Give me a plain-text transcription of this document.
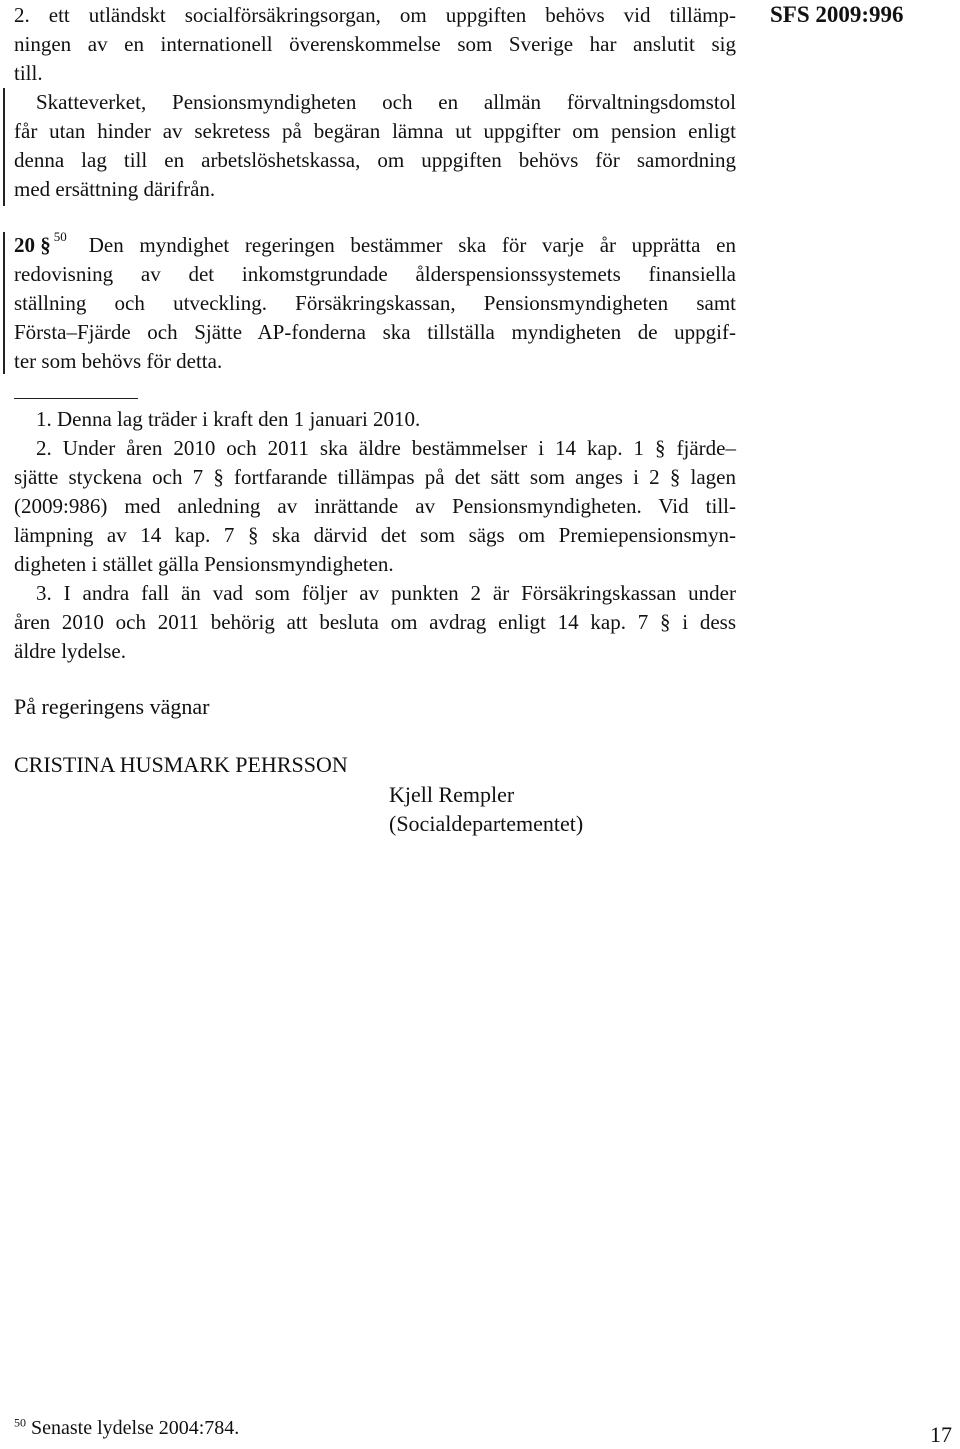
SFS 2009:996
2. ett utländskt socialförsäkringsorgan, om uppgiften behövs vid tillämp-
ningen av en internationell överenskommelse som Sverige har anslutit sig
till.
Skatteverket, Pensionsmyndigheten och en allmän förvaltningsdomstol
får utan hinder av sekretess på begäran lämna ut uppgifter om pension enligt
denna lag till en arbetslöshetskassa, om uppgiften behövs för samordning
med ersättning därifrån.
20 § 50 Den myndighet regeringen bestämmer ska för varje år upprätta en
redovisning av det inkomstgrundade ålderspensionssystemets finansiella
ställning och utveckling. Försäkringskassan, Pensionsmyndigheten samt
Första–Fjärde och Sjätte AP-fonderna ska tillställa myndigheten de uppgif-
ter som behövs för detta.
1. Denna lag träder i kraft den 1 januari 2010.
2. Under åren 2010 och 2011 ska äldre bestämmelser i 14 kap. 1 § fjärde–
sjätte styckena och 7 § fortfarande tillämpas på det sätt som anges i 2 § lagen
(2009:986) med anledning av inrättande av Pensionsmyndigheten. Vid till-
lämpning av 14 kap. 7 § ska därvid det som sägs om Premiepensionsmyn-
digheten i stället gälla Pensionsmyndigheten.
3. I andra fall än vad som följer av punkten 2 är Försäkringskassan under
åren 2010 och 2011 behörig att besluta om avdrag enligt 14 kap. 7 § i dess
äldre lydelse.
På regeringens vägnar
CRISTINA HUSMARK PEHRSSON
Kjell Rempler
(Socialdepartementet)
$^{50}$ Senaste lydelse 2004:784.	17
